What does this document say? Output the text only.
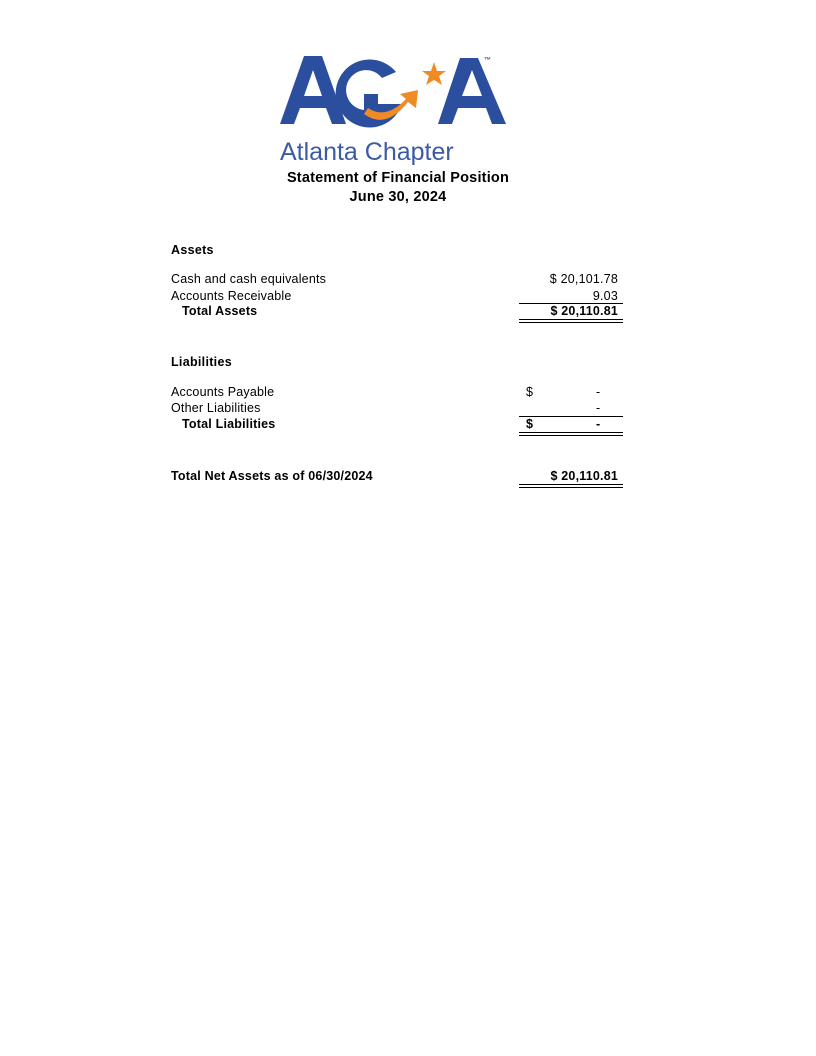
™
Atlanta Chapter
Statement of Financial Position
June 30, 2024
Assets
Cash and cash equivalents	$ 20,101.78
Accounts Receivable	9.03
Total Assets	$ 20,110.81
Liabilities
Accounts Payable	$	-
Other Liabilities	-
Total Liabilities	$	-
Total Net Assets as of 06/30/2024	$ 20,110.81
